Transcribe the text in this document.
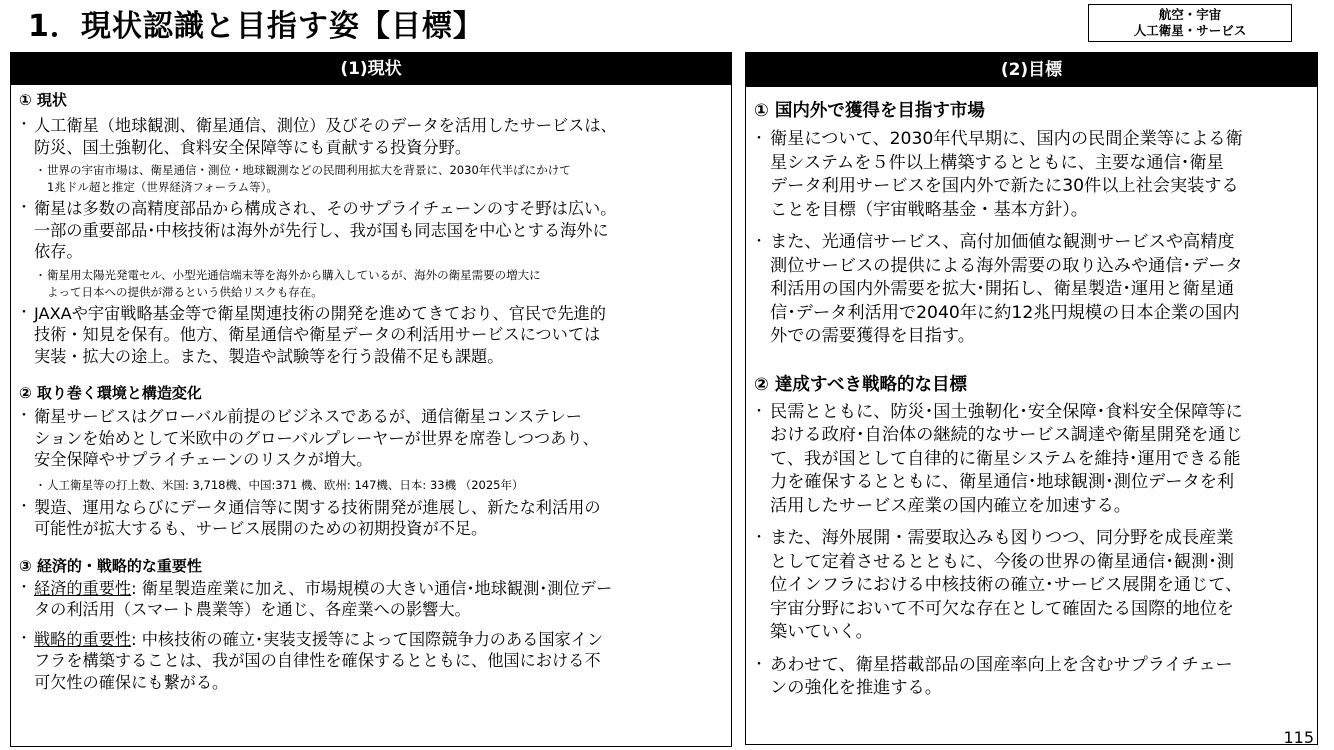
1．現状認識と目指す姿【目標】	航空・宇宙
人工衛星・サービス
(1)現状
① 現状
・ 人工衛星（地球観測、衛星通信、測位）及びそのデータを活用したサービスは、
防災、国土強靭化、食料安全保障等にも貢献する投資分野。
・ 世界の宇宙市場は、衛星通信・測位・地球観測などの民間利用拡大を背景に、2030年代半ばにかけて
1兆ドル超と推定（世界経済フォーラム等）。
・ 衛星は多数の高精度部品から構成され、そのサプライチェーンのすそ野は広い。
一部の重要部品･中核技術は海外が先行し、我が国も同志国を中心とする海外に
依存。
・ 衛星用太陽光発電セル、小型光通信端末等を海外から購入しているが、海外の衛星需要の増大に
よって日本への提供が滞るという供給リスクも存在。
・ JAXAや宇宙戦略基金等で衛星関連技術の開発を進めてきており、官民で先進的
技術・知見を保有。他方、衛星通信や衛星データの利活用サービスについては
実装・拡大の途上。また、製造や試験等を行う設備不足も課題。
② 取り巻く環境と構造変化
・ 衛星サービスはグローバル前提のビジネスであるが、通信衛星コンステレー
ションを始めとして米欧中のグローバルプレーヤーが世界を席巻しつつあり、
安全保障やサプライチェーンのリスクが増大。
・ 人工衛星等の打上数、米国: 3,718機、中国:371 機、欧州: 147機、日本: 33機 （2025年）
・ 製造、運用ならびにデータ通信等に関する技術開発が進展し、新たな利活用の
可能性が拡大するも、サービス展開のための初期投資が不足。
③ 経済的・戦略的な重要性
・ 経済的重要性: 衛星製造産業に加え、市場規模の大きい通信･地球観測･測位デー
タの利活用（スマート農業等）を通じ、各産業への影響大。
・ 戦略的重要性: 中核技術の確立･実装支援等によって国際競争力のある国家イン
フラを構築することは、我が国の自律性を確保するとともに、他国における不
可欠性の確保にも繋がる。
(2)目標
① 国内外で獲得を目指す市場
・ 衛星について、2030年代早期に、国内の民間企業等による衛
星システムを５件以上構築するとともに、主要な通信･衛星
データ利用サービスを国内外で新たに30件以上社会実装する
ことを目標（宇宙戦略基金・基本方針）。
・ また、光通信サービス、高付加価値な観測サービスや高精度
測位サービスの提供による海外需要の取り込みや通信･データ
利活用の国内外需要を拡大･開拓し、衛星製造･運用と衛星通
信･データ利活用で2040年に約12兆円規模の日本企業の国内
外での需要獲得を目指す。
② 達成すべき戦略的な目標
・ 民需とともに、防災･国土強靭化･安全保障･食料安全保障等に
おける政府･自治体の継続的なサービス調達や衛星開発を通じ
て、我が国として自律的に衛星システムを維持･運用できる能
力を確保するとともに、衛星通信･地球観測･測位データを利
活用したサービス産業の国内確立を加速する。
・ また、海外展開・需要取込みも図りつつ、同分野を成長産業
として定着させるとともに、今後の世界の衛星通信･観測･測
位インフラにおける中核技術の確立･サービス展開を通じて、
宇宙分野において不可欠な存在として確固たる国際的地位を
築いていく。
・ あわせて、衛星搭載部品の国産率向上を含むサプライチェー
ンの強化を推進する。
115
